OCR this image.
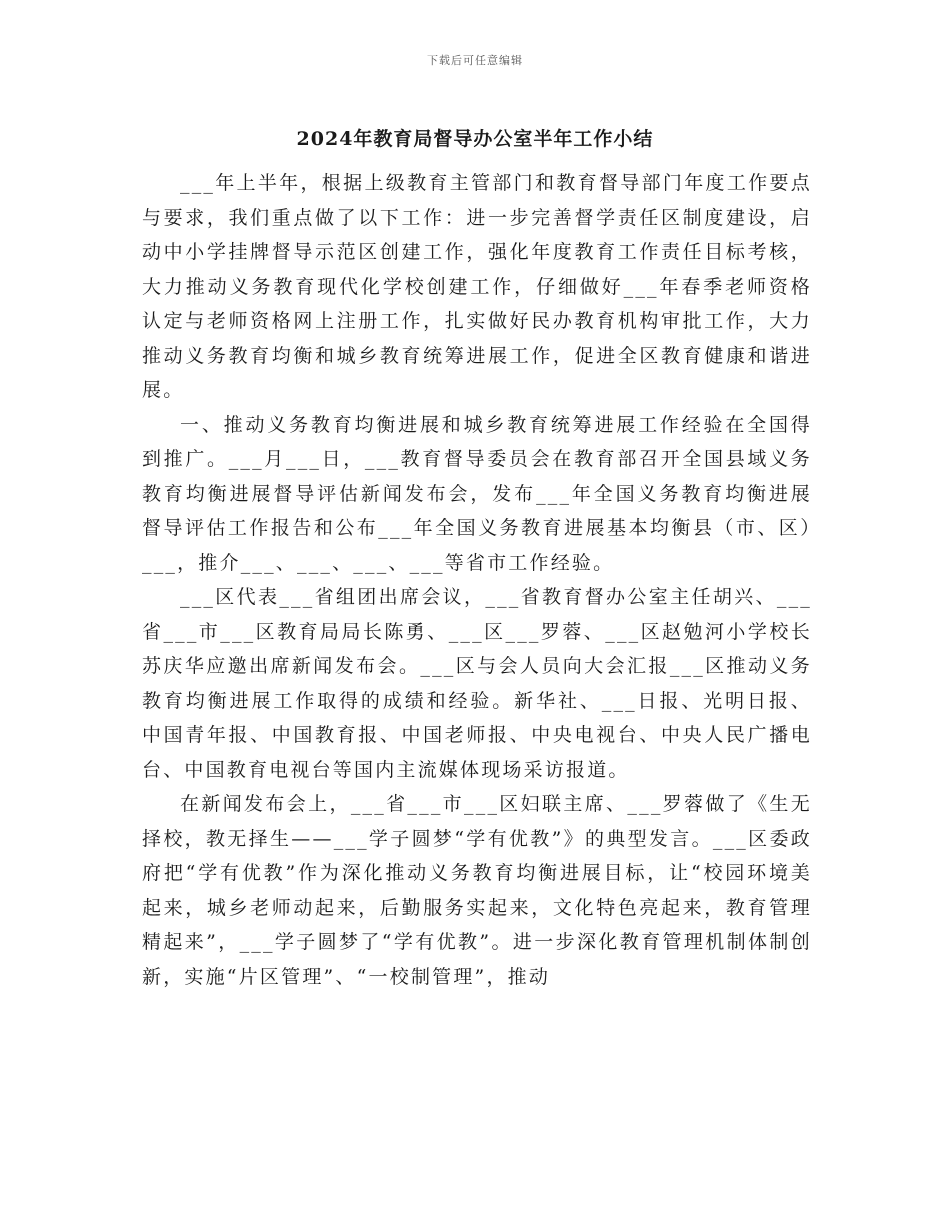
下载后可任意编辑
2024年教育局督导办公室半年工作小结

___年上半年，根据上级教育主管部门和教育督导部门年度工作要点与要求，我们重点做了以下工作：进一步完善督学责任区制度建设，启动中小学挂牌督导示范区创建工作，强化年度教育工作责任目标考核，大力推动义务教育现代化学校创建工作，仔细做好___年春季老师资格认定与老师资格网上注册工作，扎实做好民办教育机构审批工作，大力推动义务教育均衡和城乡教育统筹进展工作，促进全区教育健康和谐进展。

一、推动义务教育均衡进展和城乡教育统筹进展工作经验在全国得到推广。___月___日，___教育督导委员会在教育部召开全国县域义务教育均衡进展督导评估新闻发布会，发布___年全国义务教育均衡进展督导评估工作报告和公布___年全国义务教育进展基本均衡县（市、区）___，推介___、___、___、___等省市工作经验。

___区代表___省组团出席会议，___省教育督办公室主任胡兴、___省___市___区教育局局长陈勇、___区___罗蓉、___区赵勉河小学校长苏庆华应邀出席新闻发布会。___区与会人员向大会汇报___区推动义务教育均衡进展工作取得的成绩和经验。新华社、___日报、光明日报、中国青年报、中国教育报、中国老师报、中央电视台、中央人民广播电台、中国教育电视台等国内主流媒体现场采访报道。

在新闻发布会上，___省___市___区妇联主席、___罗蓉做了《生无择校，教无择生——___学子圆梦“学有优教”》的典型发言。___区委政府把“学有优教”作为深化推动义务教育均衡进展目标，让“校园环境美起来，城乡老师动起来，后勤服务实起来，文化特色亮起来，教育管理精起来”，___学子圆梦了“学有优教”。进一步深化教育管理机制体制创新，实施“片区管理”、“一校制管理”，推动
